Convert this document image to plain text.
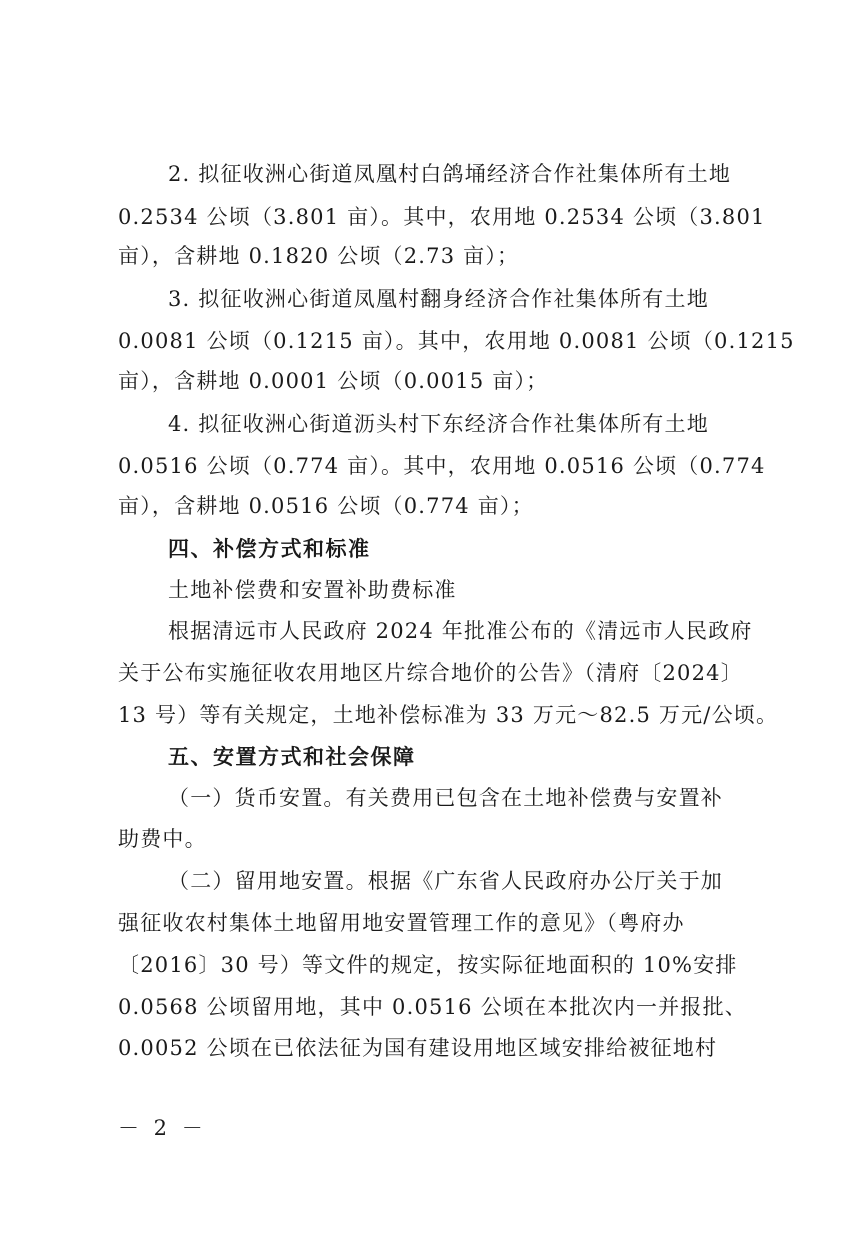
2. 拟征收洲心街道凤凰村白鸽埇经济合作社集体所有土地
0.2534 公顷（3.801 亩）。其中，农用地 0.2534 公顷（3.801
亩），含耕地 0.1820 公顷（2.73 亩）；
3. 拟征收洲心街道凤凰村翻身经济合作社集体所有土地
0.0081 公顷（0.1215 亩）。其中，农用地 0.0081 公顷（0.1215
亩），含耕地 0.0001 公顷（0.0015 亩）；
4. 拟征收洲心街道沥头村下东经济合作社集体所有土地
0.0516 公顷（0.774 亩）。其中，农用地 0.0516 公顷（0.774
亩），含耕地 0.0516 公顷（0.774 亩）；
四、补偿方式和标准
土地补偿费和安置补助费标准
根据清远市人民政府 2024 年批准公布的《清远市人民政府
关于公布实施征收农用地区片综合地价的公告》（清府〔2024〕
13 号）等有关规定，土地补偿标准为 33 万元～82.5 万元/公顷。
五、安置方式和社会保障
（一）货币安置。有关费用已包含在土地补偿费与安置补
助费中。
（二）留用地安置。根据《广东省人民政府办公厅关于加
强征收农村集体土地留用地安置管理工作的意见》（粤府办
〔2016〕30 号）等文件的规定，按实际征地面积的 10%安排
0.0568 公顷留用地，其中 0.0516 公顷在本批次内一并报批、
0.0052 公顷在已依法征为国有建设用地区域安排给被征地村
－ 2 －
